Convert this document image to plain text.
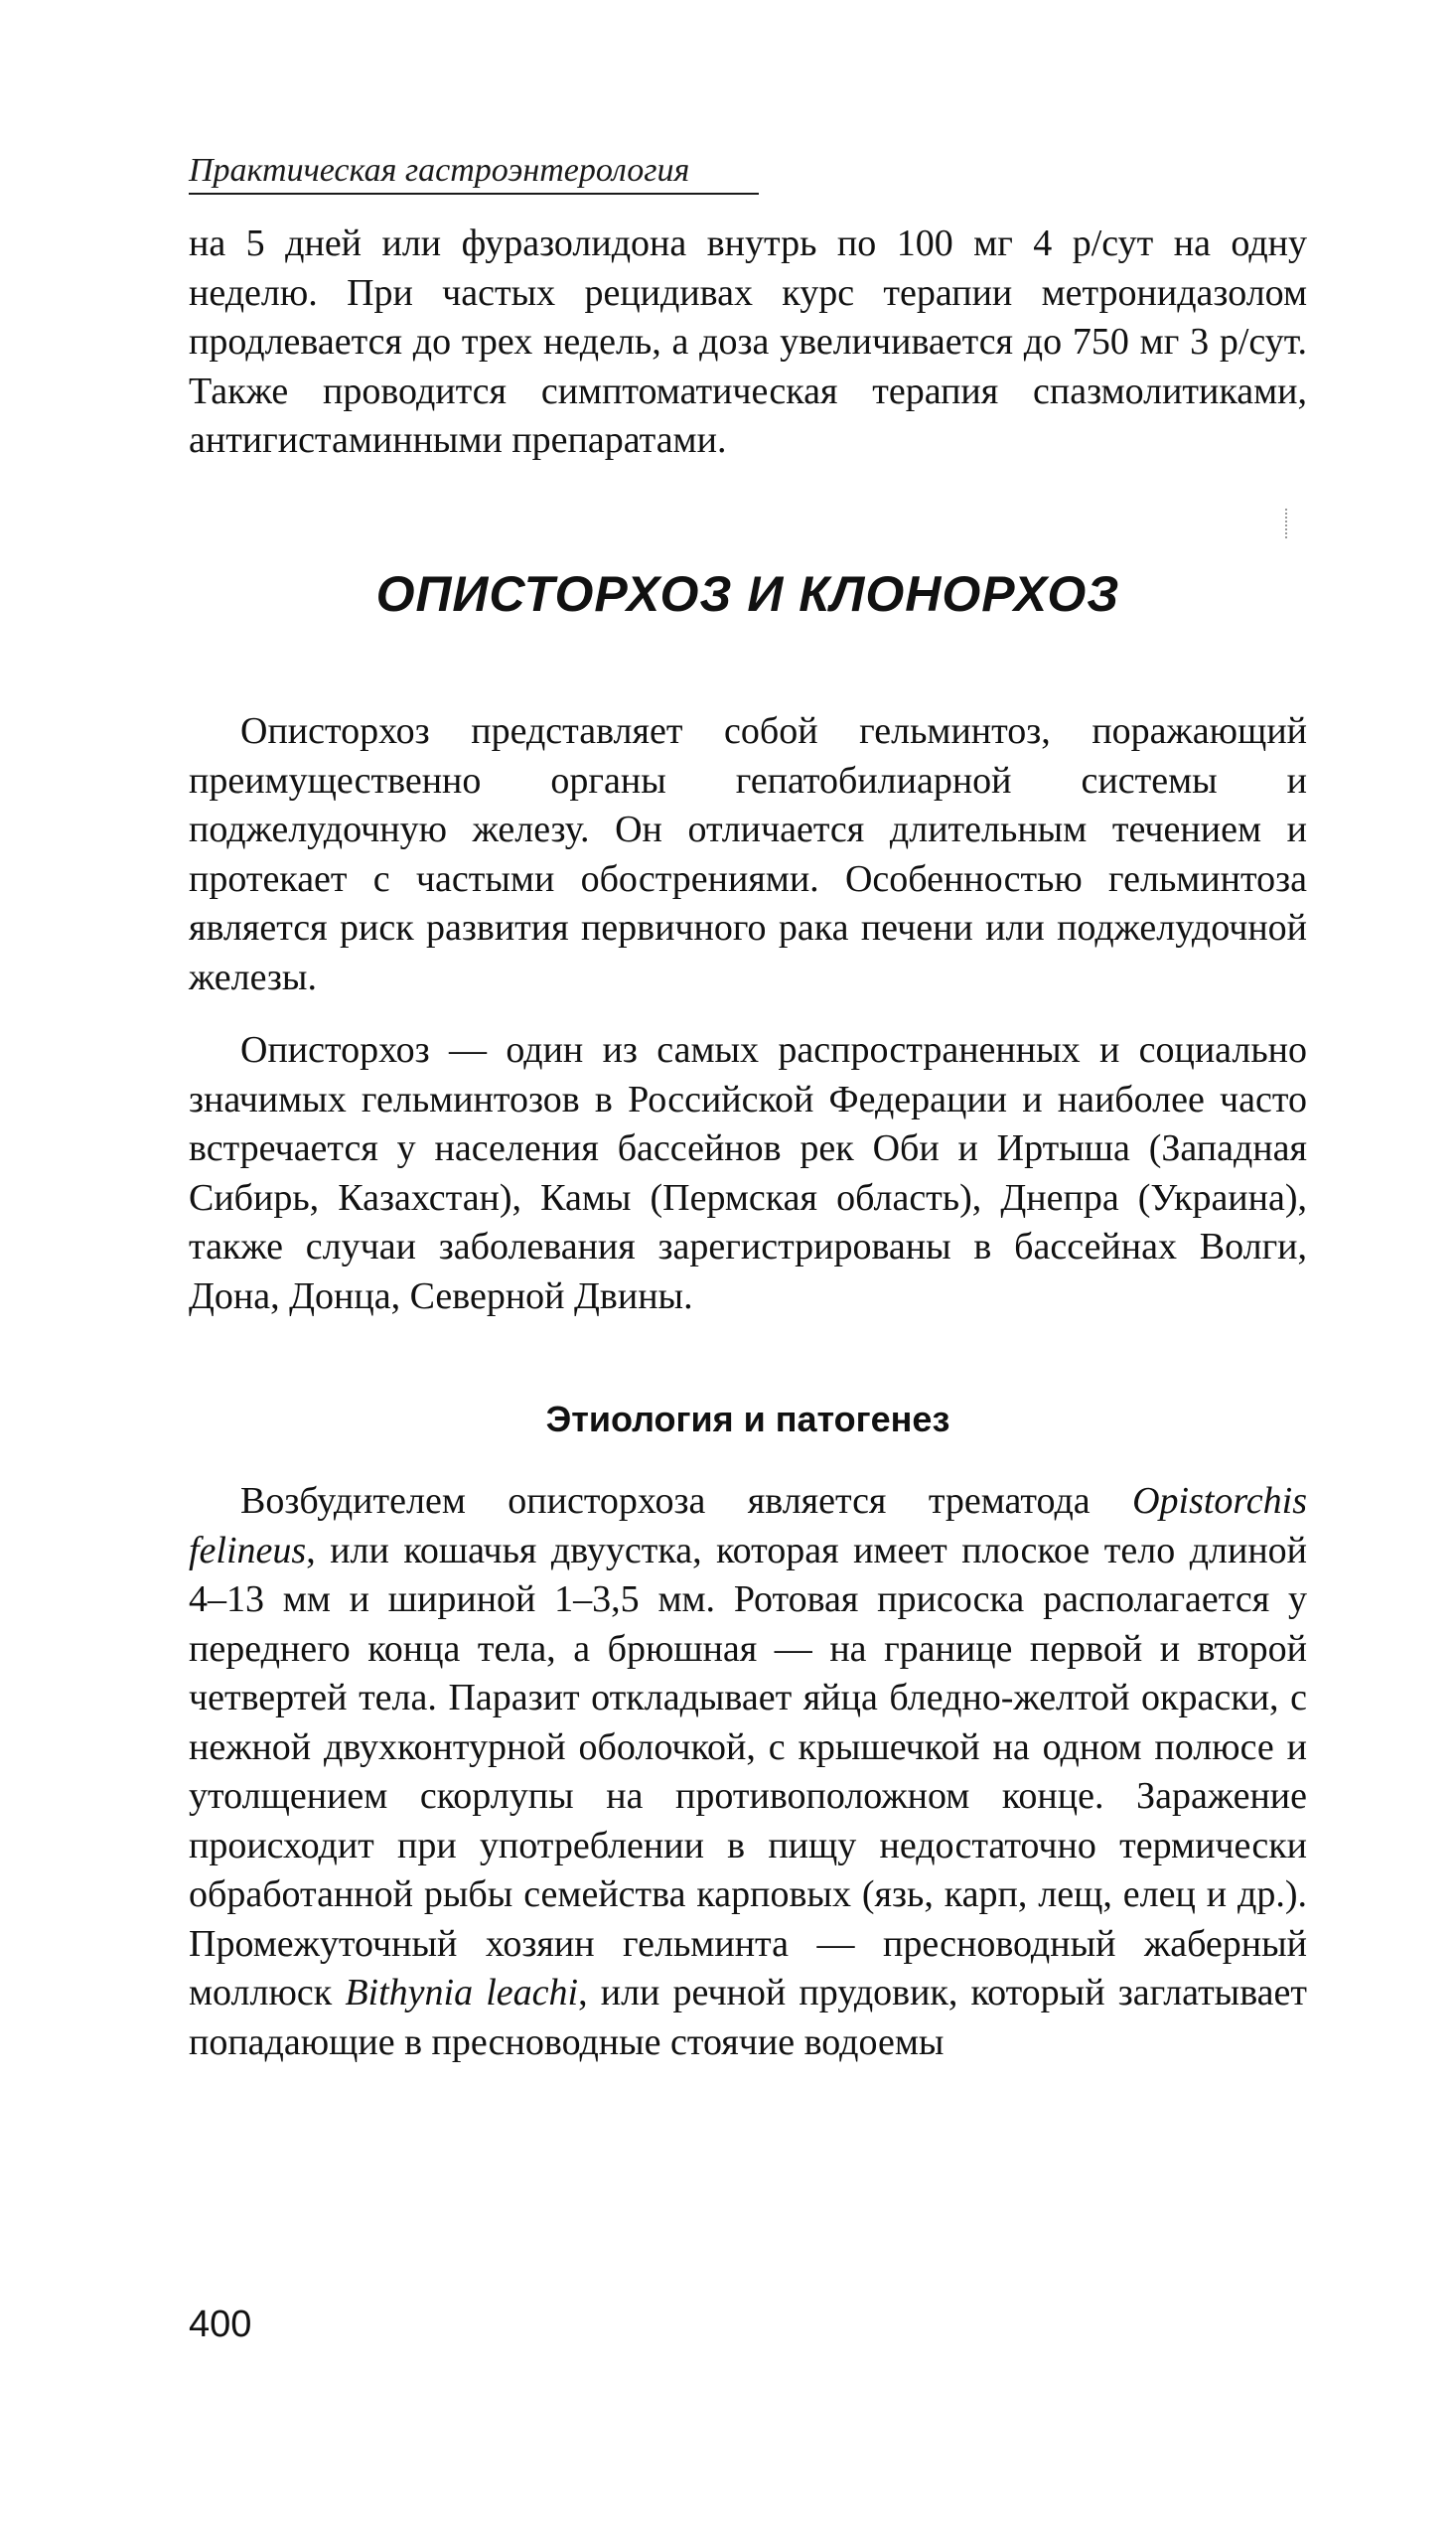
Практическая гастроэнтерология

на 5 дней или фуразолидона внутрь по 100 мг 4 р/сут на одну неделю. При частых рецидивах курс терапии метронидазолом продлевается до трех недель, а доза увеличивается до 750 мг 3 р/сут. Также проводится симптоматическая терапия спазмолитиками, антигистаминными препаратами.

ОПИСТОРХОЗ И КЛОНОРХОЗ

Описторхоз представляет собой гельминтоз, поражающий преимущественно органы гепатобилиарной системы и поджелудочную железу. Он отличается длительным течением и протекает с частыми обострениями. Особенностью гельминтоза является риск развития первичного рака печени или поджелудочной железы.

Описторхоз — один из самых распространенных и социально значимых гельминтозов в Российской Федерации и наиболее часто встречается у населения бассейнов рек Оби и Иртыша (Западная Сибирь, Казахстан), Камы (Пермская область), Днепра (Украина), также случаи заболевания зарегистрированы в бассейнах Волги, Дона, Донца, Северной Двины.

Этиология и патогенез

Возбудителем описторхоза является трематода Opistorchis felineus, или кошачья двуустка, которая имеет плоское тело длиной 4–13 мм и шириной 1–3,5 мм. Ротовая присоска располагается у переднего конца тела, а брюшная — на границе первой и второй четвертей тела. Паразит откладывает яйца бледно-желтой окраски, с нежной двухконтурной оболочкой, с крышечкой на одном полюсе и утолщением скорлупы на противоположном конце. Заражение происходит при употреблении в пищу недостаточно термически обработанной рыбы семейства карповых (язь, карп, лещ, елец и др.). Промежуточный хозяин гельминта — пресноводный жаберный моллюск Bithynia leachi, или речной прудовик, который заглатывает попадающие в пресноводные стоячие водоемы

400
